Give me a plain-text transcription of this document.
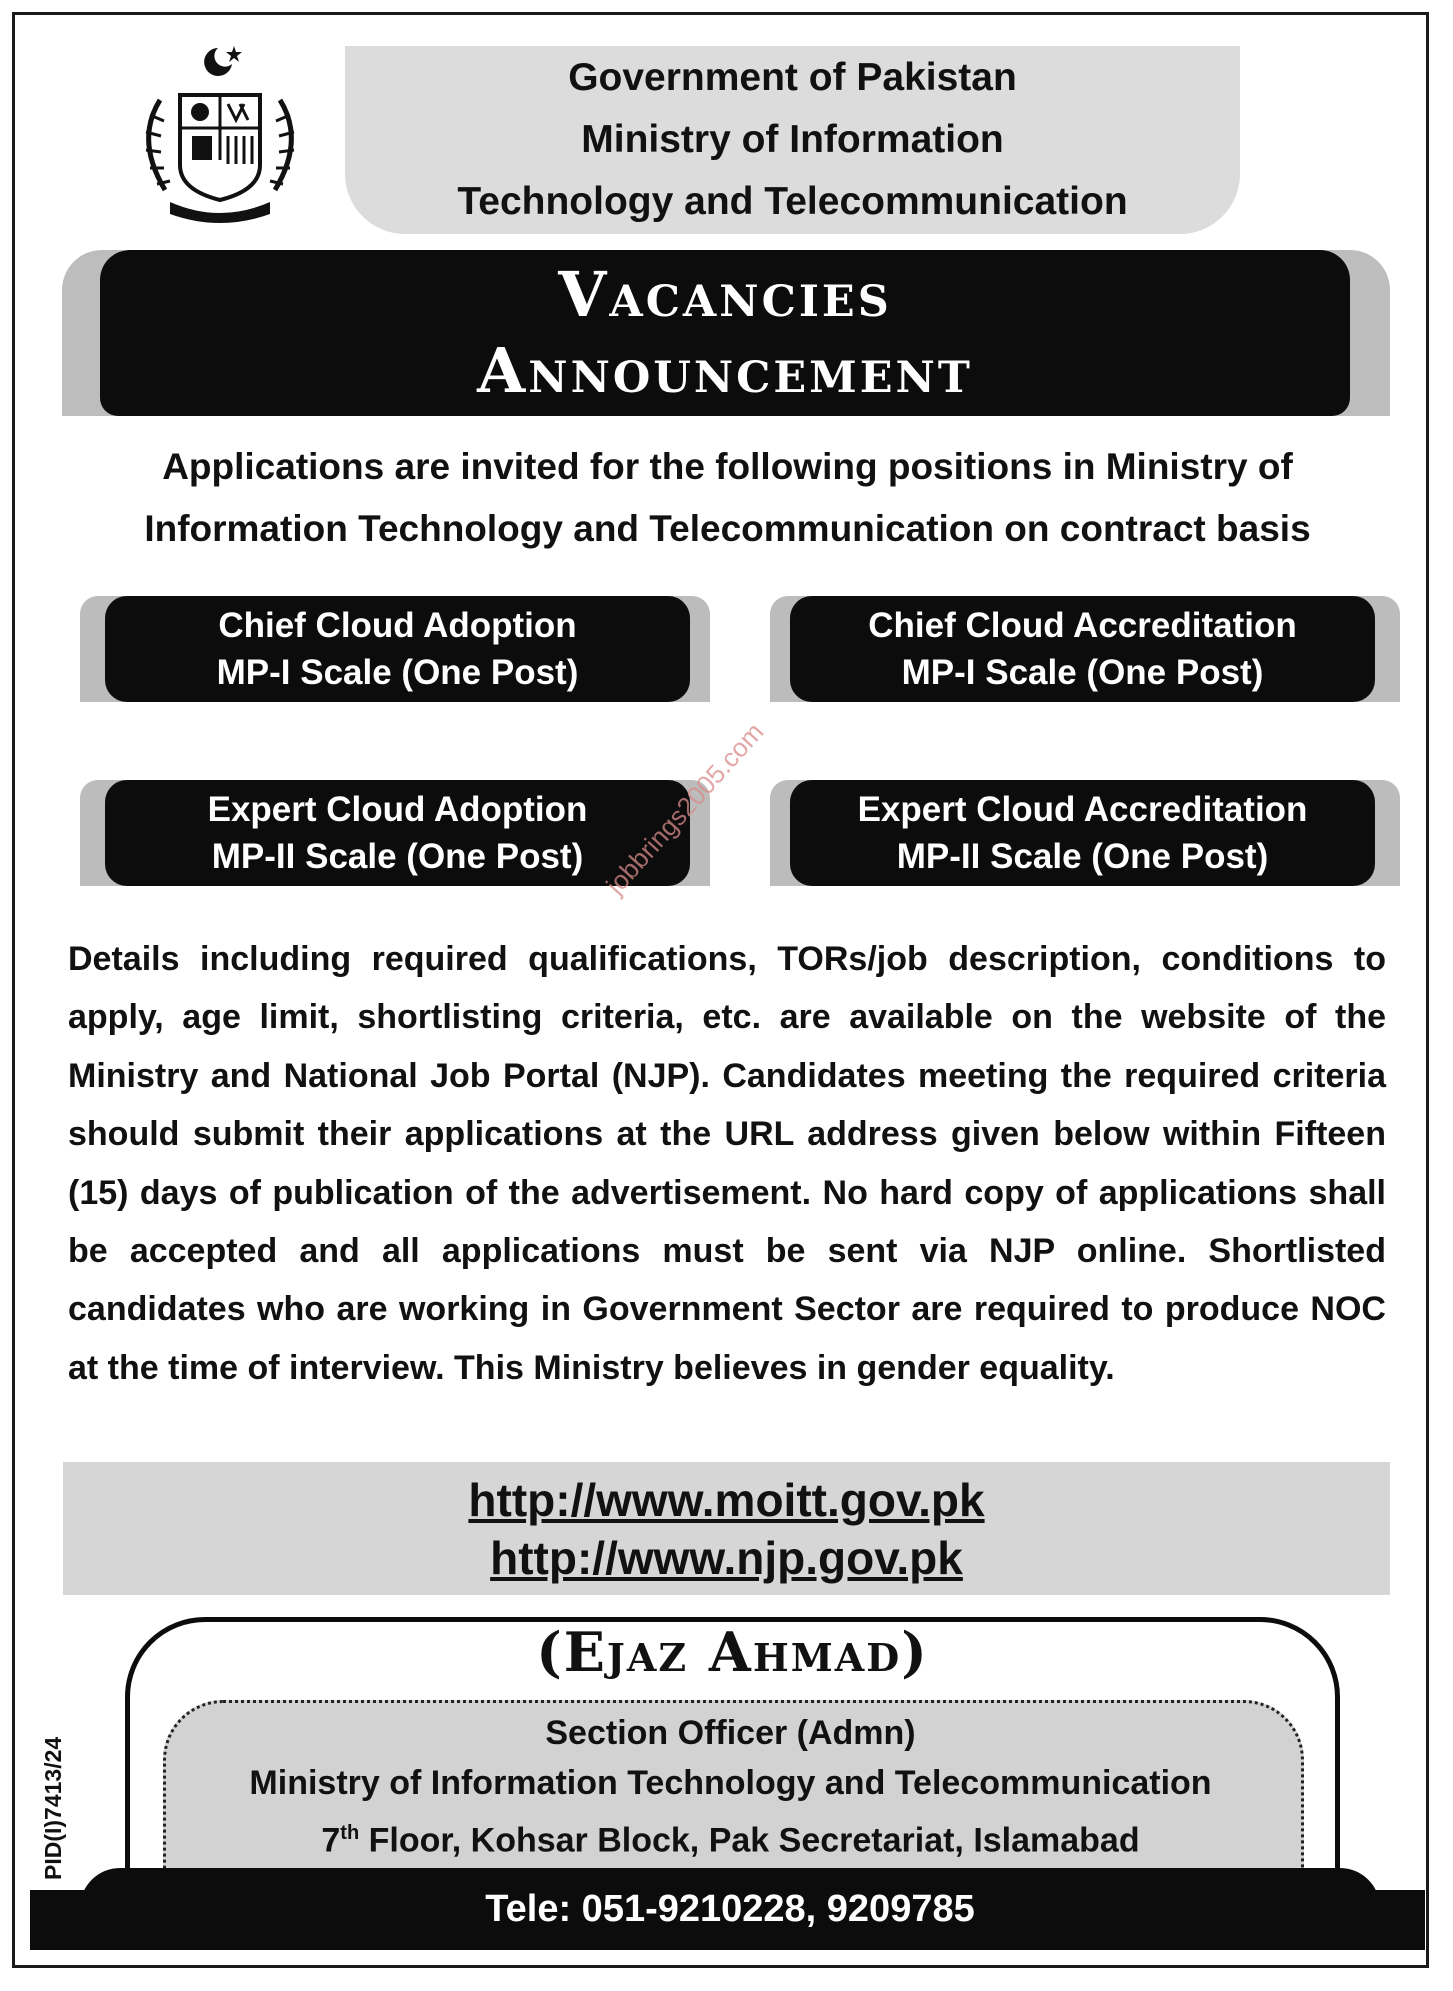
Government of Pakistan
Ministry of Information
Technology and Telecommunication
Vacancies
Announcement
Applications are invited for the following positions in Ministry of Information Technology and Telecommunication on contract basis
Chief Cloud Adoption
MP-I Scale (One Post)
Chief Cloud Accreditation
MP-I Scale (One Post)
Expert Cloud Adoption
MP-II Scale (One Post)
Expert Cloud Accreditation
MP-II Scale (One Post)
Details including required qualifications, TORs/job description, conditions to apply, age limit, shortlisting criteria, etc. are available on the website of the Ministry and National Job Portal (NJP). Candidates meeting the required criteria should submit their applications at the URL address given below within Fifteen (15) days of publication of the advertisement. No hard copy of applications shall be accepted and all applications must be sent via NJP online. Shortlisted candidates who are working in Government Sector are required to produce NOC at the time of interview. This Ministry believes in gender equality.
jobbrings2005.com
http://www.moitt.gov.pk
http://www.njp.gov.pk
(Ejaz Ahmad)
Section Officer (Admn)
Ministry of Information Technology and Telecommunication
7th Floor, Kohsar Block, Pak Secretariat, Islamabad
Tele: 051-9210228, 9209785
PID(I)7413/24
